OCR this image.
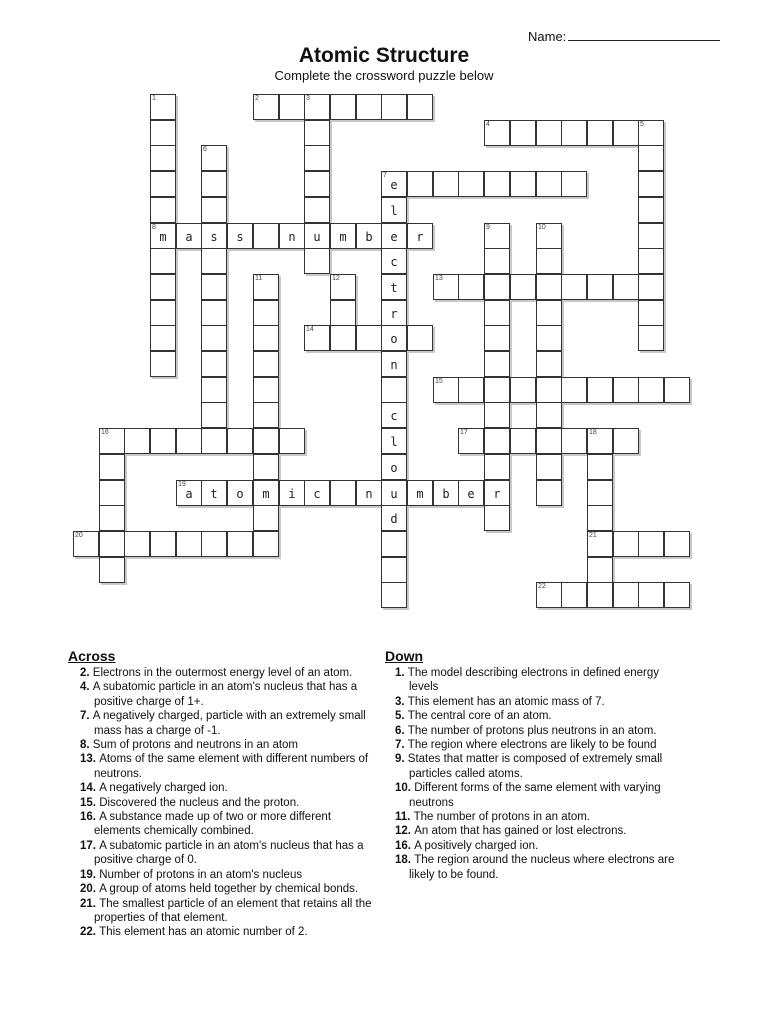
Name:
Atomic Structure
Complete the crossword puzzle below
1	2	3
4	5
6
7
e
l
8
m	a	s	s	n	u	m	b	e	r
9	10
c
11	12
t
13
r
14
o
n
15
c
16
l
17	18
o
19
a	t	o	m	i	c	n	u	m	b	e	r
d
20	21
22
Across
2. Electrons in the outermost energy level of an atom.
4. A subatomic particle in an atom's nucleus that has a positive charge of 1+.
7. A negatively charged, particle with an extremely small mass has a charge of -1.
8. Sum of protons and neutrons in an atom
13. Atoms of the same element with different numbers of neutrons.
14. A negatively charged ion.
15. Discovered the nucleus and the proton.
16. A substance made up of two or more different elements chemically combined.
17. A subatomic particle in an atom's nucleus that has a positive charge of 0.
19. Number of protons in an atom's nucleus
20. A group of atoms held together by chemical bonds.
21. The smallest particle of an element that retains all the properties of that element.
22. This element has an atomic number of 2.
Down
1. The model describing electrons in defined energy levels
3. This element has an atomic mass of 7.
5. The central core of an atom.
6. The number of protons plus neutrons in an atom.
7. The region where electrons are likely to be found
9. States that matter is composed of extremely small particles called atoms.
10. Different forms of the same element with varying neutrons
11. The number of protons in an atom.
12. An atom that has gained or lost electrons.
16. A positively charged ion.
18. The region around the nucleus where electrons are likely to be found.
